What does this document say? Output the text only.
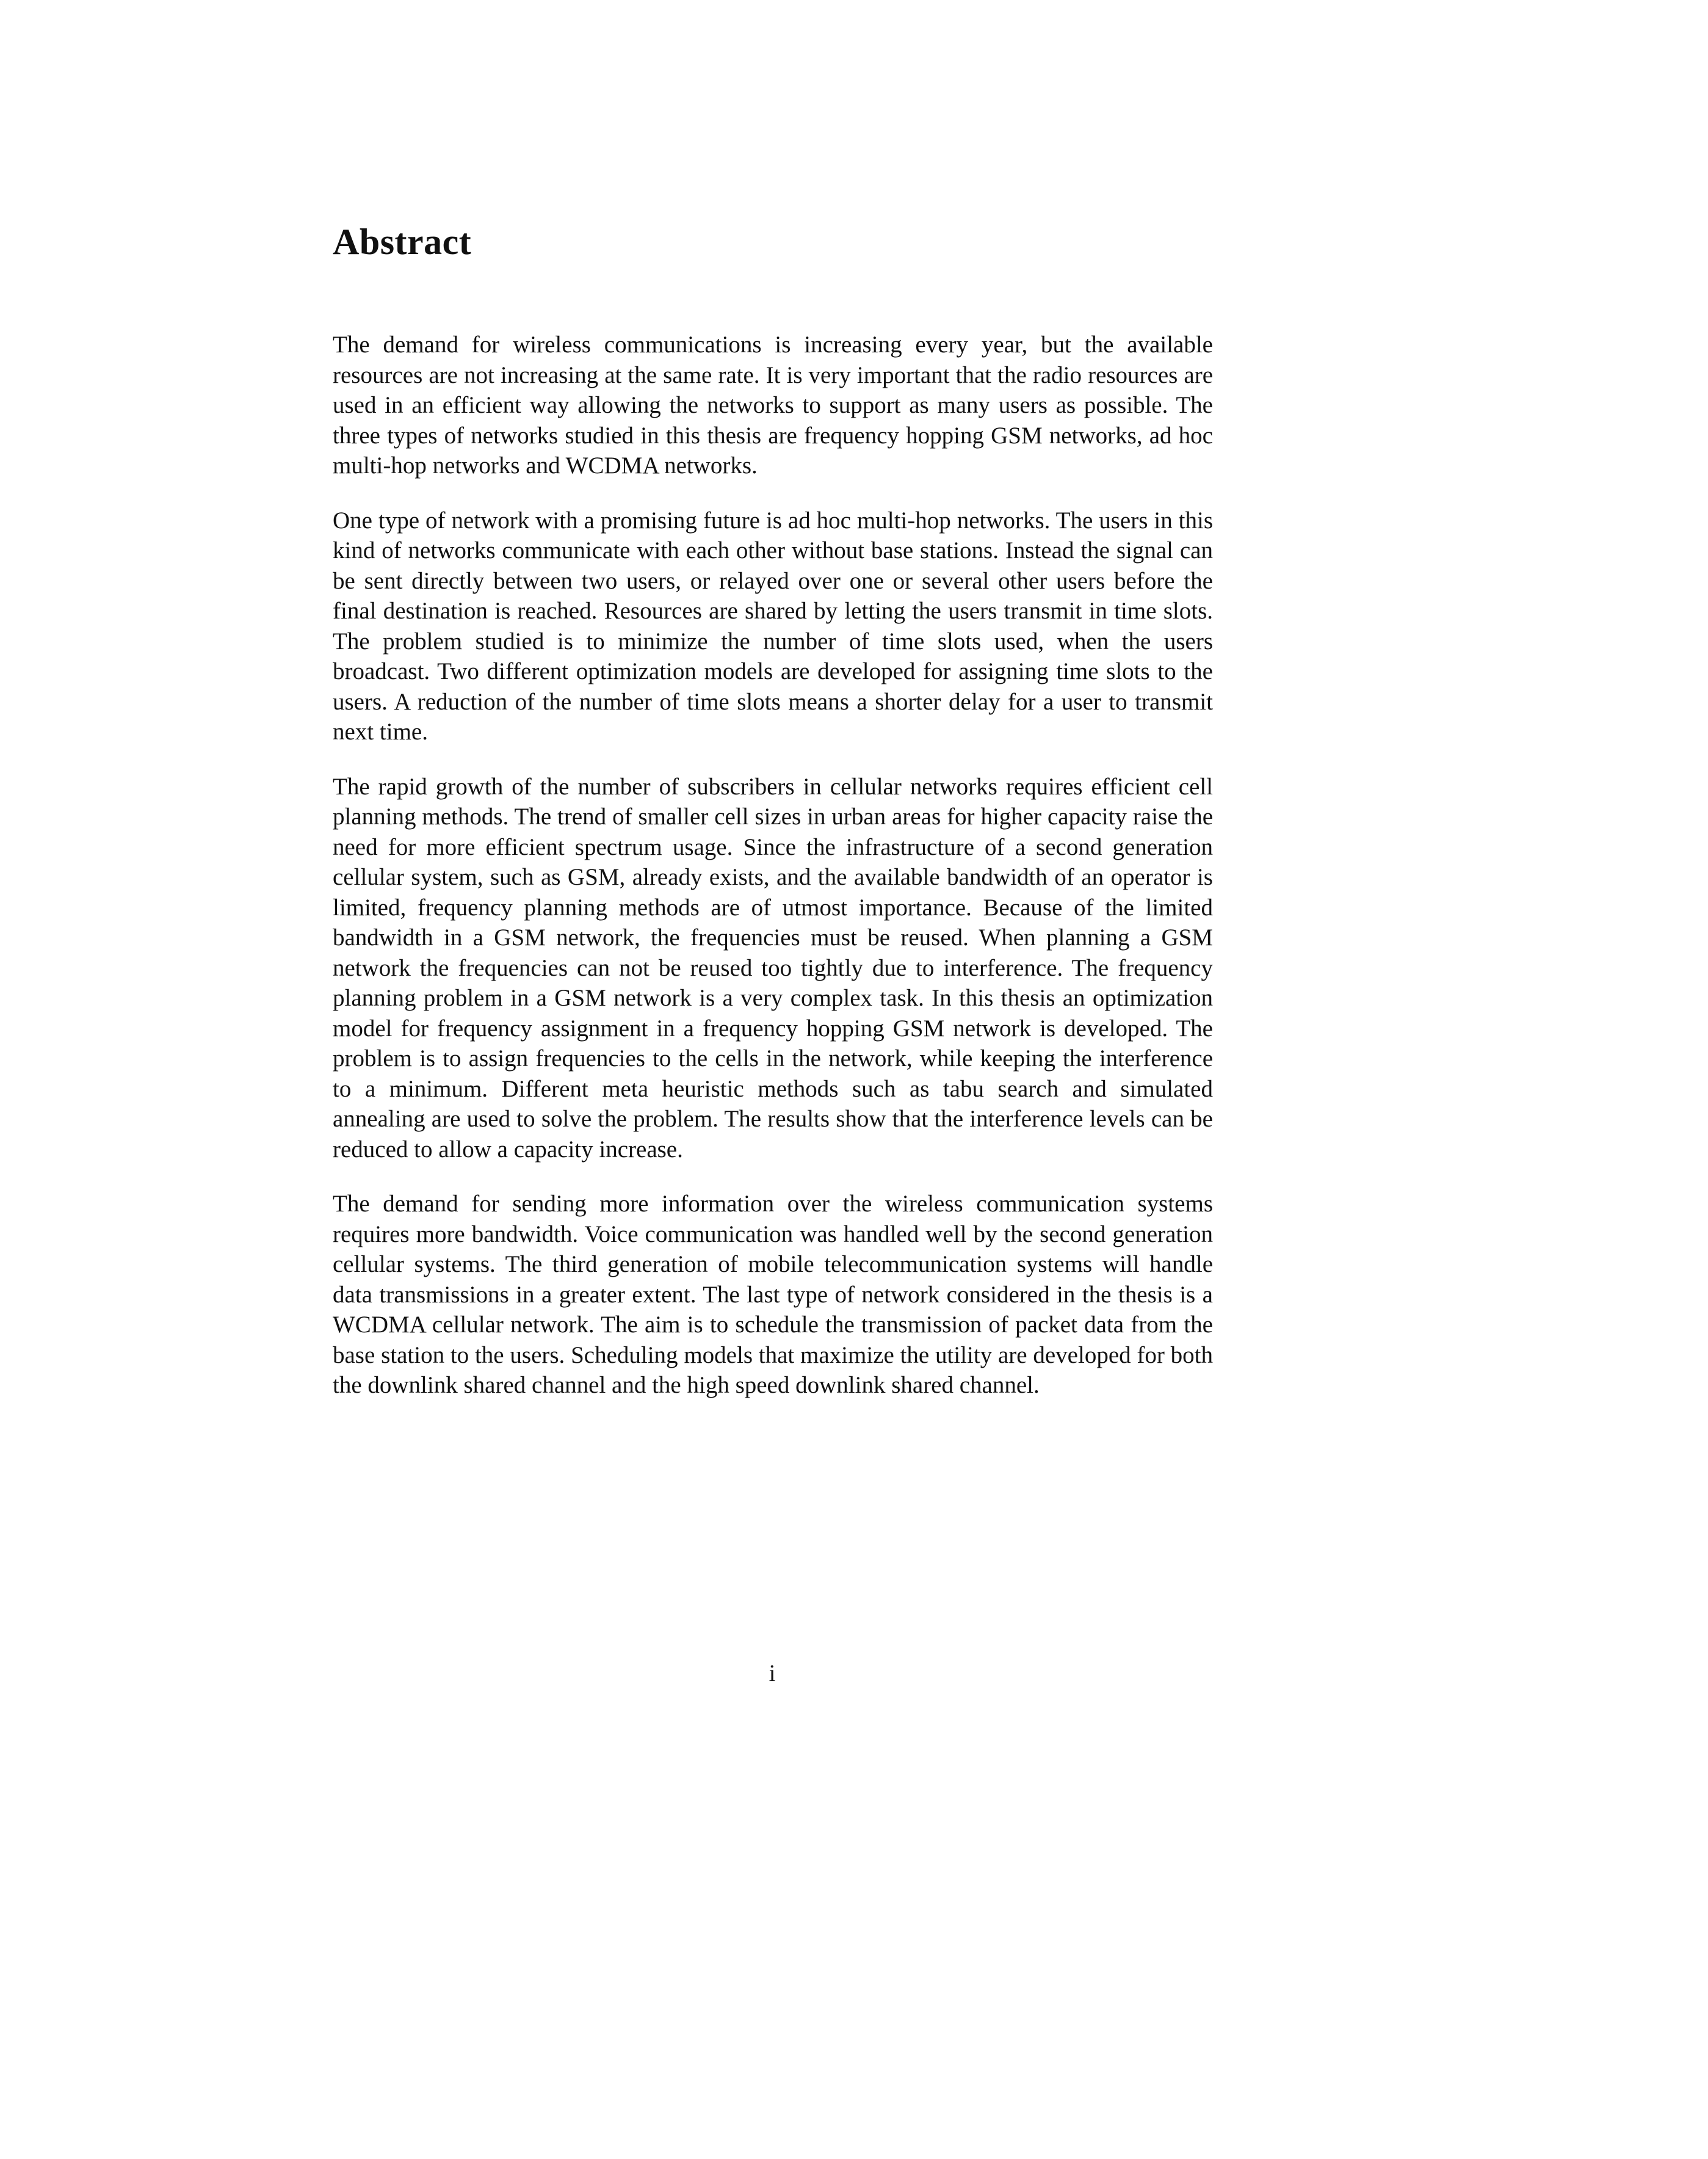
Abstract

The demand for wireless communications is increasing every year, but the available resources are not increasing at the same rate. It is very important that the radio resources are used in an efficient way allowing the networks to support as many users as possible. The three types of networks studied in this thesis are frequency hopping GSM networks, ad hoc multi-hop networks and WCDMA networks.

One type of network with a promising future is ad hoc multi-hop networks. The users in this kind of networks communicate with each other without base stations. Instead the signal can be sent directly between two users, or relayed over one or several other users before the final destination is reached. Resources are shared by letting the users transmit in time slots. The problem studied is to minimize the number of time slots used, when the users broadcast. Two different optimization models are developed for assigning time slots to the users. A reduction of the number of time slots means a shorter delay for a user to transmit next time.

The rapid growth of the number of subscribers in cellular networks requires efficient cell planning methods. The trend of smaller cell sizes in urban areas for higher capacity raise the need for more efficient spectrum usage. Since the infrastructure of a second generation cellular system, such as GSM, already exists, and the available bandwidth of an operator is limited, frequency planning methods are of utmost importance. Because of the limited bandwidth in a GSM network, the frequencies must be reused. When planning a GSM network the frequencies can not be reused too tightly due to interference. The frequency planning problem in a GSM network is a very complex task. In this thesis an optimization model for frequency assignment in a frequency hopping GSM network is developed. The problem is to assign frequencies to the cells in the network, while keeping the interference to a minimum. Different meta heuristic methods such as tabu search and simulated annealing are used to solve the problem. The results show that the interference levels can be reduced to allow a capacity increase.

The demand for sending more information over the wireless communication systems requires more bandwidth. Voice communication was handled well by the second generation cellular systems. The third generation of mobile telecommunication systems will handle data transmissions in a greater extent. The last type of network considered in the thesis is a WCDMA cellular network. The aim is to schedule the transmission of packet data from the base station to the users. Scheduling models that maximize the utility are developed for both the downlink shared channel and the high speed downlink shared channel.

i
